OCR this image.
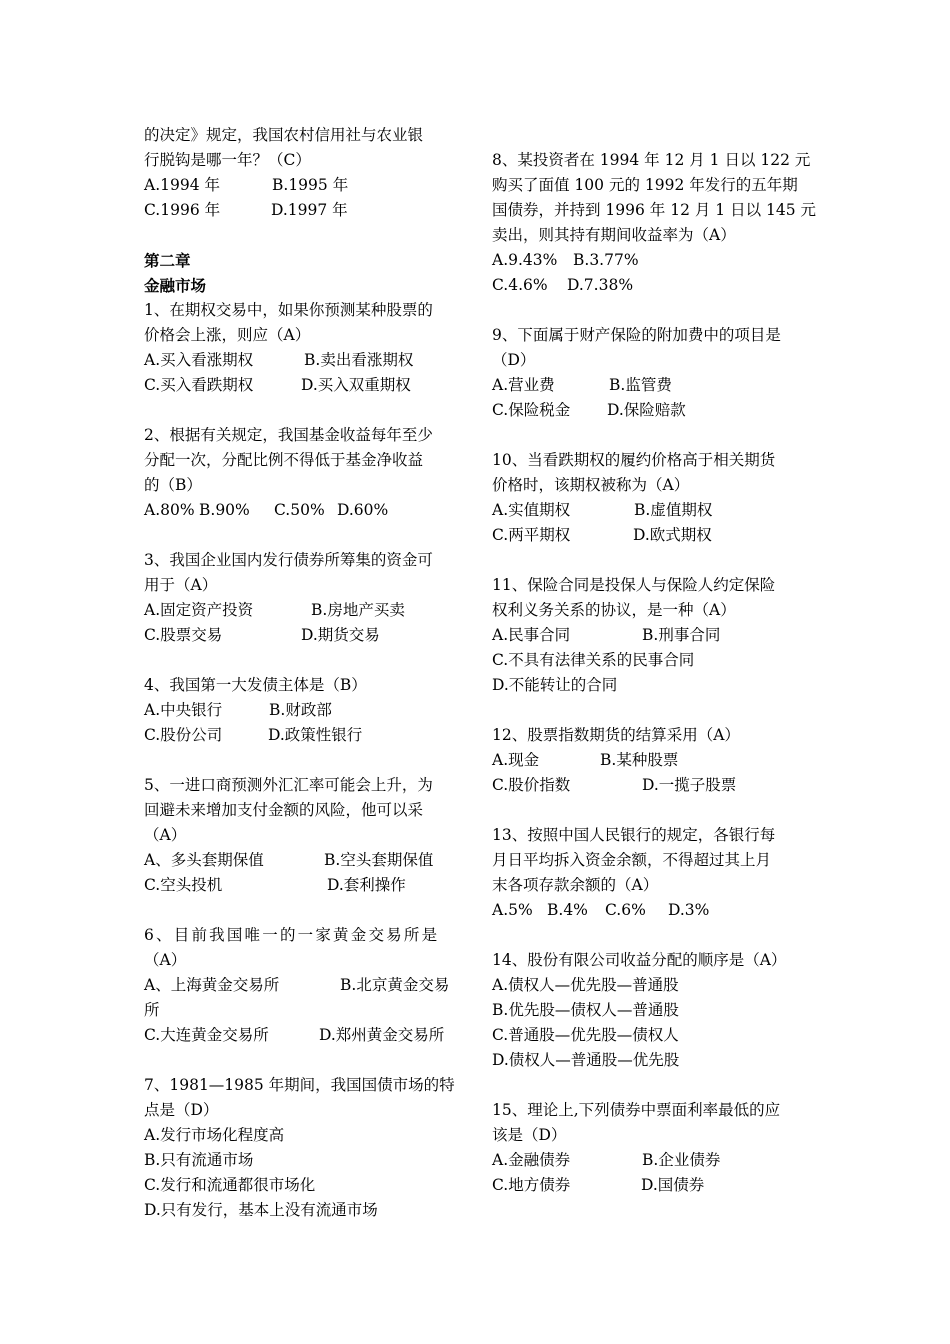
的决定》规定，我国农村信用社与农业银
行脱钩是哪一年？（C）
A.1994 年	B.1995 年
C.1996 年	D.1997 年
第二章
金融市场
1、在期权交易中，如果你预测某种股票的
价格会上涨，则应（A）
A.买入看涨期权	B.卖出看涨期权
C.买入看跌期权	D.买入双重期权
2、根据有关规定，我国基金收益每年至少
分配一次，分配比例不得低于基金净收益
的（B）
A.80% B.90%	C.50% D.60%
3、我国企业国内发行债券所筹集的资金可
用于（A）
A.固定资产投资	B.房地产买卖
C.股票交易	D.期货交易
4、我国第一大发债主体是（B）
A.中央银行	B.财政部
C.股份公司	D.政策性银行
5、一进口商预测外汇汇率可能会上升，为
回避未来增加支付金额的风险，他可以采
（A）
A、多头套期保值	B.空头套期保值
C.空头投机	D.套利操作
6、目前我国唯一的一家黄金交易所是
（A）
A、上海黄金交易所	B.北京黄金交易
所
C.大连黄金交易所	D.郑州黄金交易所
7、1981—1985 年期间，我国国债市场的特
点是（D）
A.发行市场化程度高
B.只有流通市场
C.发行和流通都很市场化
D.只有发行，基本上没有流通市场
8、某投资者在 1994 年 12 月 1 日以 122 元
购买了面值 100 元的 1992 年发行的五年期
国债券，并持到 1996 年 12 月 1 日以 145 元
卖出，则其持有期间收益率为（A）
A.9.43%	B.3.77%
C.4.6%	D.7.38%
9、下面属于财产保险的附加费中的项目是
（D）
A.营业费	B.监管费
C.保险税金	D.保险赔款
10、当看跌期权的履约价格高于相关期货
价格时，该期权被称为（A）
A.实值期权	B.虚值期权
C.两平期权	D.欧式期权
11、保险合同是投保人与保险人约定保险
权利义务关系的协议，是一种（A）
A.民事合同	B.刑事合同
C.不具有法律关系的民事合同
D.不能转让的合同
12、股票指数期货的结算采用（A）
A.现金	B.某种股票
C.股价指数	D.一揽子股票
13、按照中国人民银行的规定，各银行每
月日平均拆入资金余额，不得超过其上月
末各项存款余额的（A）
A.5% B.4%	C.6%	D.3%
14、股份有限公司收益分配的顺序是（A）
A.债权人—优先股—普通股
B.优先股—债权人—普通股
C.普通股—优先股—债权人
D.债权人—普通股—优先股
15、理论上,下列债券中票面利率最低的应
该是（D）
A.金融债券	B.企业债券
C.地方债券	D.国债券
